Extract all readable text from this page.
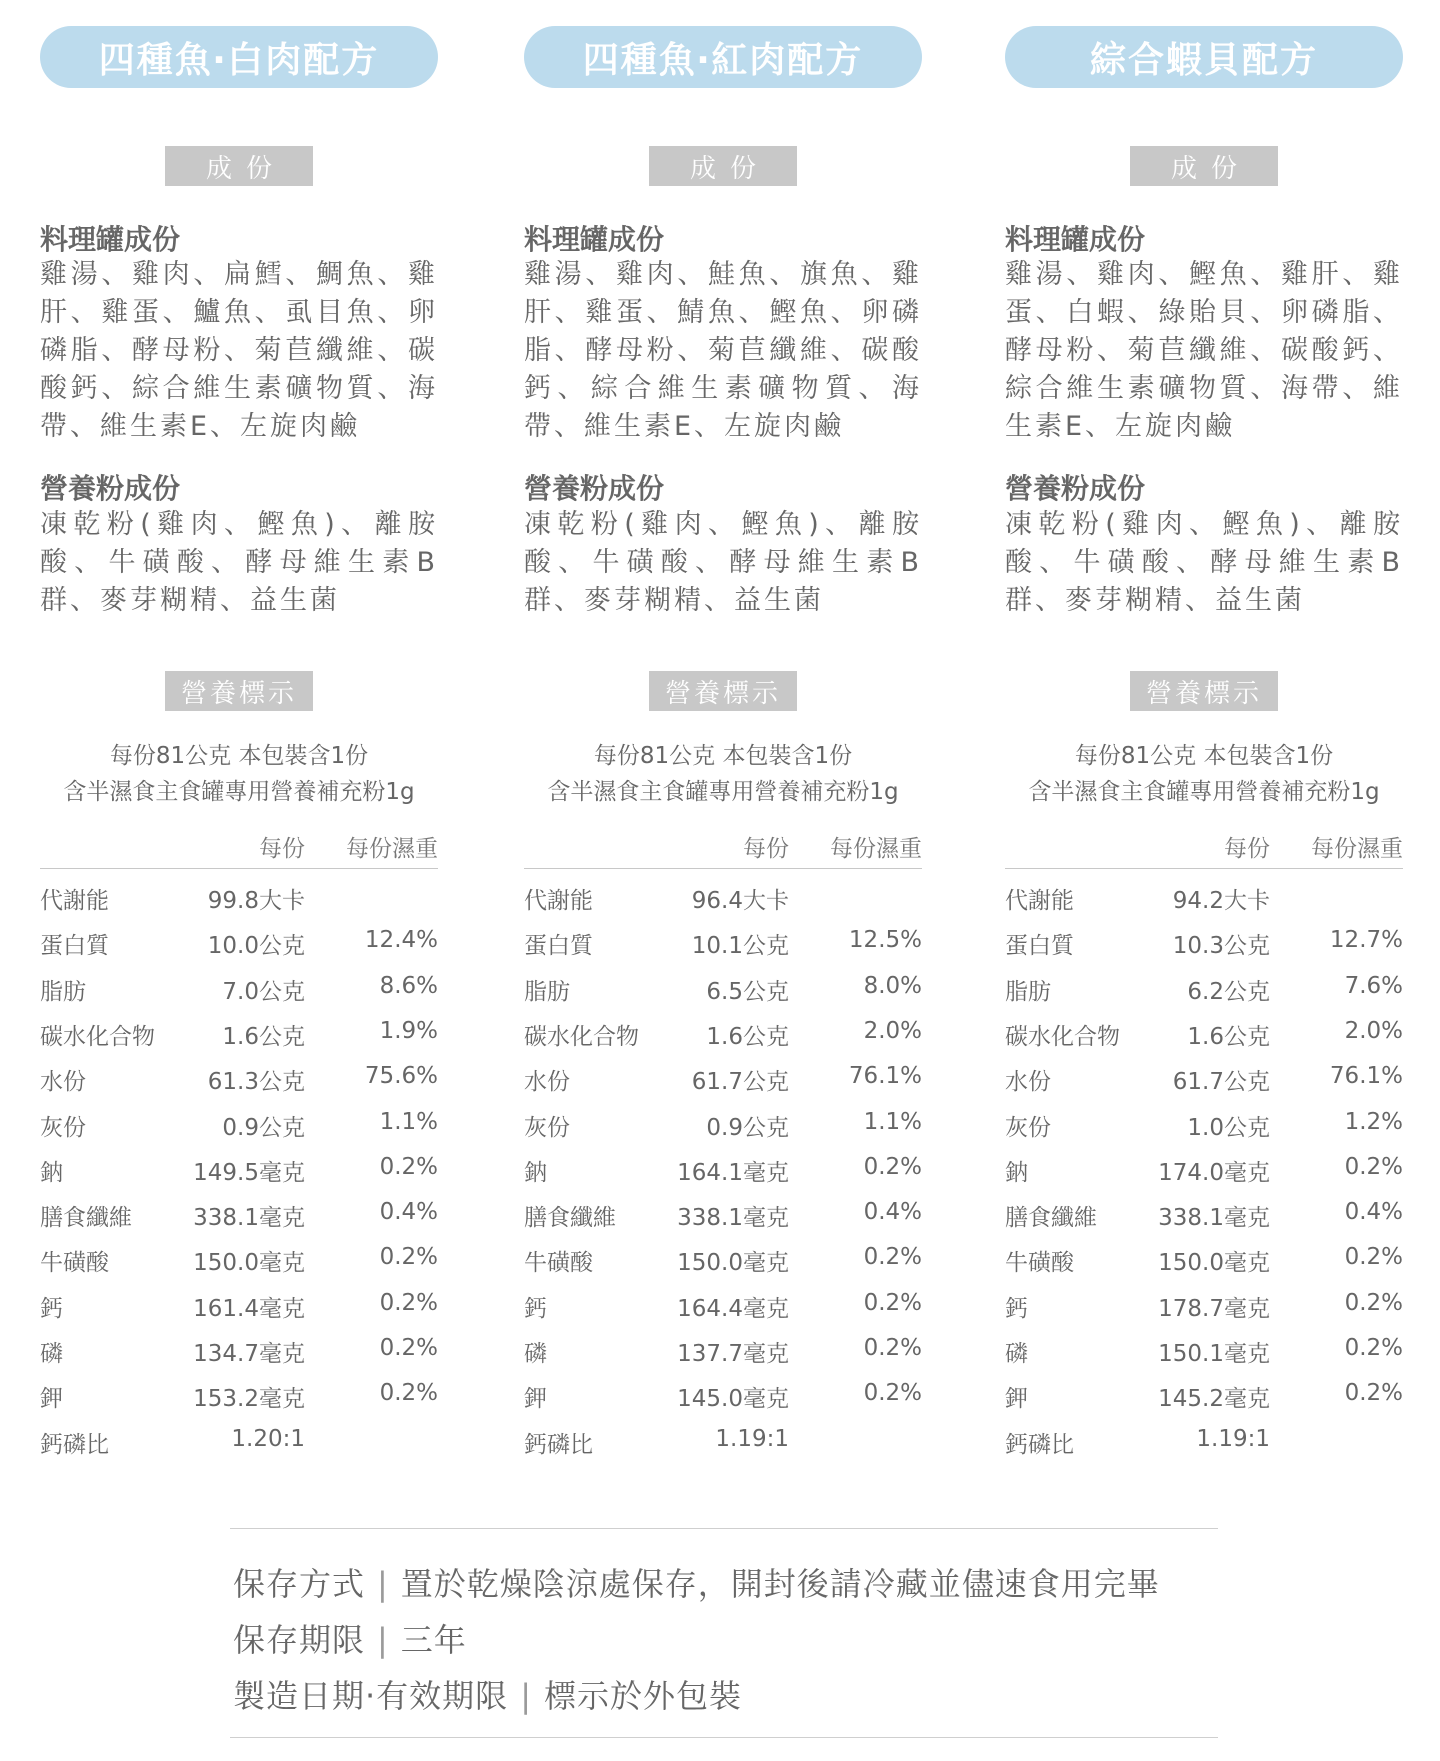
四種魚‧白肉配方
成份
料理罐成份
雞湯、雞肉、扁鱈、鯛魚、雞肝、雞蛋、鱸魚、虱目魚、卵磷脂、酵母粉、菊苣纖維、碳酸鈣、綜合維生素礦物質、海帶、維生素E、左旋肉鹼
營養粉成份
凍乾粉(雞肉、鰹魚)、離胺酸、牛磺酸、酵母維生素B群、麥芽糊精、益生菌
營養標示
每份81公克 本包裝含1份
含半濕食主食罐專用營養補充粉1g
每份 每份濕重
代謝能	99.8大卡
蛋白質	10.0公克	12.4%
脂肪	7.0公克	8.6%
碳水化合物	1.6公克	1.9%
水份	61.3公克	75.6%
灰份	0.9公克	1.1%
鈉	149.5毫克	0.2%
膳食纖維	338.1毫克	0.4%
牛磺酸	150.0毫克	0.2%
鈣	161.4毫克	0.2%
磷	134.7毫克	0.2%
鉀	153.2毫克	0.2%
鈣磷比	1.20:1
四種魚‧紅肉配方
成份
料理罐成份
雞湯、雞肉、鮭魚、旗魚、雞肝、雞蛋、鯖魚、鰹魚、卵磷脂、酵母粉、菊苣纖維、碳酸鈣、綜合維生素礦物質、海帶、維生素E、左旋肉鹼
營養粉成份
凍乾粉(雞肉、鰹魚)、離胺酸、牛磺酸、酵母維生素B群、麥芽糊精、益生菌
營養標示
每份81公克 本包裝含1份
含半濕食主食罐專用營養補充粉1g
每份 每份濕重
代謝能	96.4大卡
蛋白質	10.1公克	12.5%
脂肪	6.5公克	8.0%
碳水化合物	1.6公克	2.0%
水份	61.7公克	76.1%
灰份	0.9公克	1.1%
鈉	164.1毫克	0.2%
膳食纖維	338.1毫克	0.4%
牛磺酸	150.0毫克	0.2%
鈣	164.4毫克	0.2%
磷	137.7毫克	0.2%
鉀	145.0毫克	0.2%
鈣磷比	1.19:1
綜合蝦貝配方
成份
料理罐成份
雞湯、雞肉、鰹魚、雞肝、雞蛋、白蝦、綠貽貝、卵磷脂、酵母粉、菊苣纖維、碳酸鈣、綜合維生素礦物質、海帶、維生素E、左旋肉鹼
營養粉成份
凍乾粉(雞肉、鰹魚)、離胺酸、牛磺酸、酵母維生素B群、麥芽糊精、益生菌
營養標示
每份81公克 本包裝含1份
含半濕食主食罐專用營養補充粉1g
每份 每份濕重
代謝能	94.2大卡
蛋白質	10.3公克	12.7%
脂肪	6.2公克	7.6%
碳水化合物	1.6公克	2.0%
水份	61.7公克	76.1%
灰份	1.0公克	1.2%
鈉	174.0毫克	0.2%
膳食纖維	338.1毫克	0.4%
牛磺酸	150.0毫克	0.2%
鈣	178.7毫克	0.2%
磷	150.1毫克	0.2%
鉀	145.2毫克	0.2%
鈣磷比	1.19:1
保存方式 | 置於乾燥陰涼處保存，開封後請冷藏並儘速食用完畢
保存期限 | 三年
製造日期‧有效期限 | 標示於外包裝
